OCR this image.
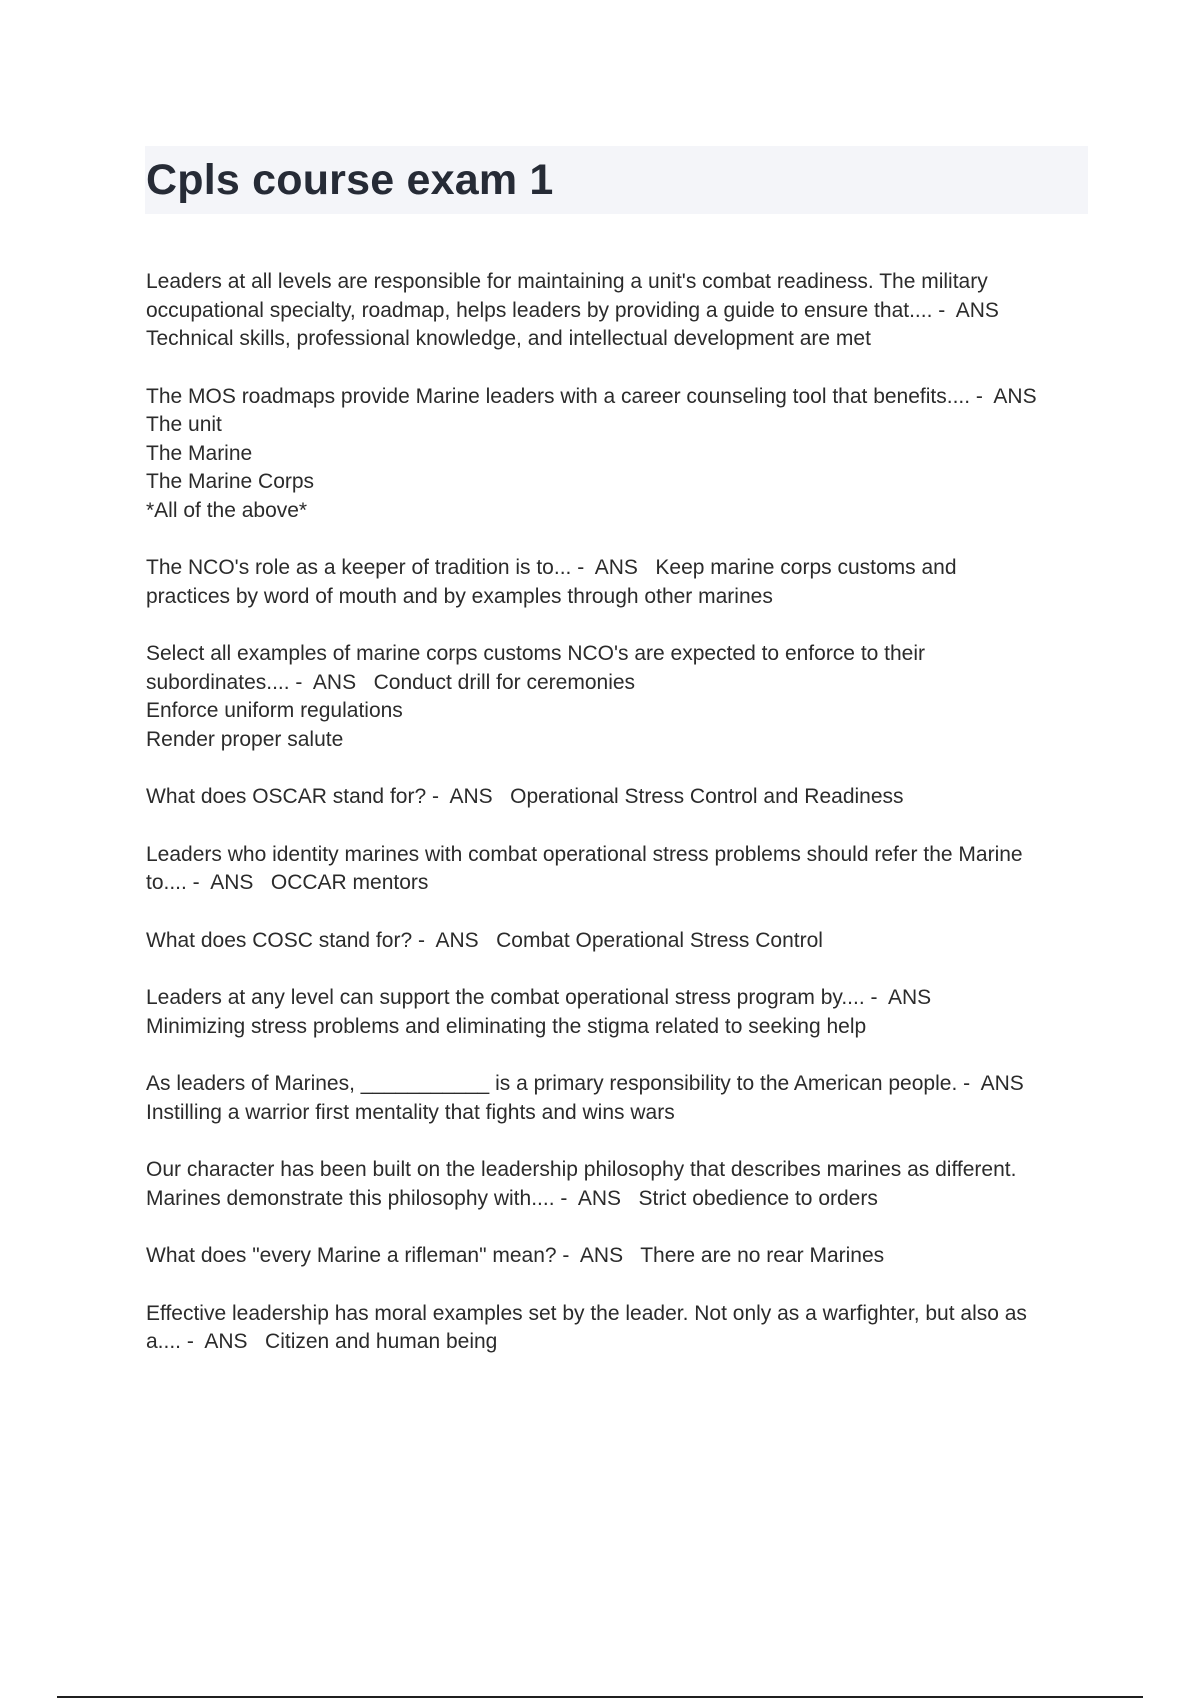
Cpls course exam 1

Leaders at all levels are responsible for maintaining a unit's combat readiness. The military

occupational specialty, roadmap, helps leaders by providing a guide to ensure that.... -  ANS

Technical skills, professional knowledge, and intellectual development are met

The MOS roadmaps provide Marine leaders with a career counseling tool that benefits.... -  ANS

The unit

The Marine

The Marine Corps

*All of the above*

The NCO's role as a keeper of tradition is to... -  ANS   Keep marine corps customs and

practices by word of mouth and by examples through other marines

Select all examples of marine corps customs NCO's are expected to enforce to their

subordinates.... -  ANS   Conduct drill for ceremonies

Enforce uniform regulations

Render proper salute

What does OSCAR stand for? -  ANS   Operational Stress Control and Readiness

Leaders who identity marines with combat operational stress problems should refer the Marine

to.... -  ANS   OCCAR mentors

What does COSC stand for? -  ANS   Combat Operational Stress Control

Leaders at any level can support the combat operational stress program by.... -  ANS

Minimizing stress problems and eliminating the stigma related to seeking help

As leaders of Marines, ___________ is a primary responsibility to the American people. -  ANS

Instilling a warrior first mentality that fights and wins wars

Our character has been built on the leadership philosophy that describes marines as different.

Marines demonstrate this philosophy with.... -  ANS   Strict obedience to orders

What does "every Marine a rifleman" mean? -  ANS   There are no rear Marines

Effective leadership has moral examples set by the leader. Not only as a warfighter, but also as

a.... -  ANS   Citizen and human being
